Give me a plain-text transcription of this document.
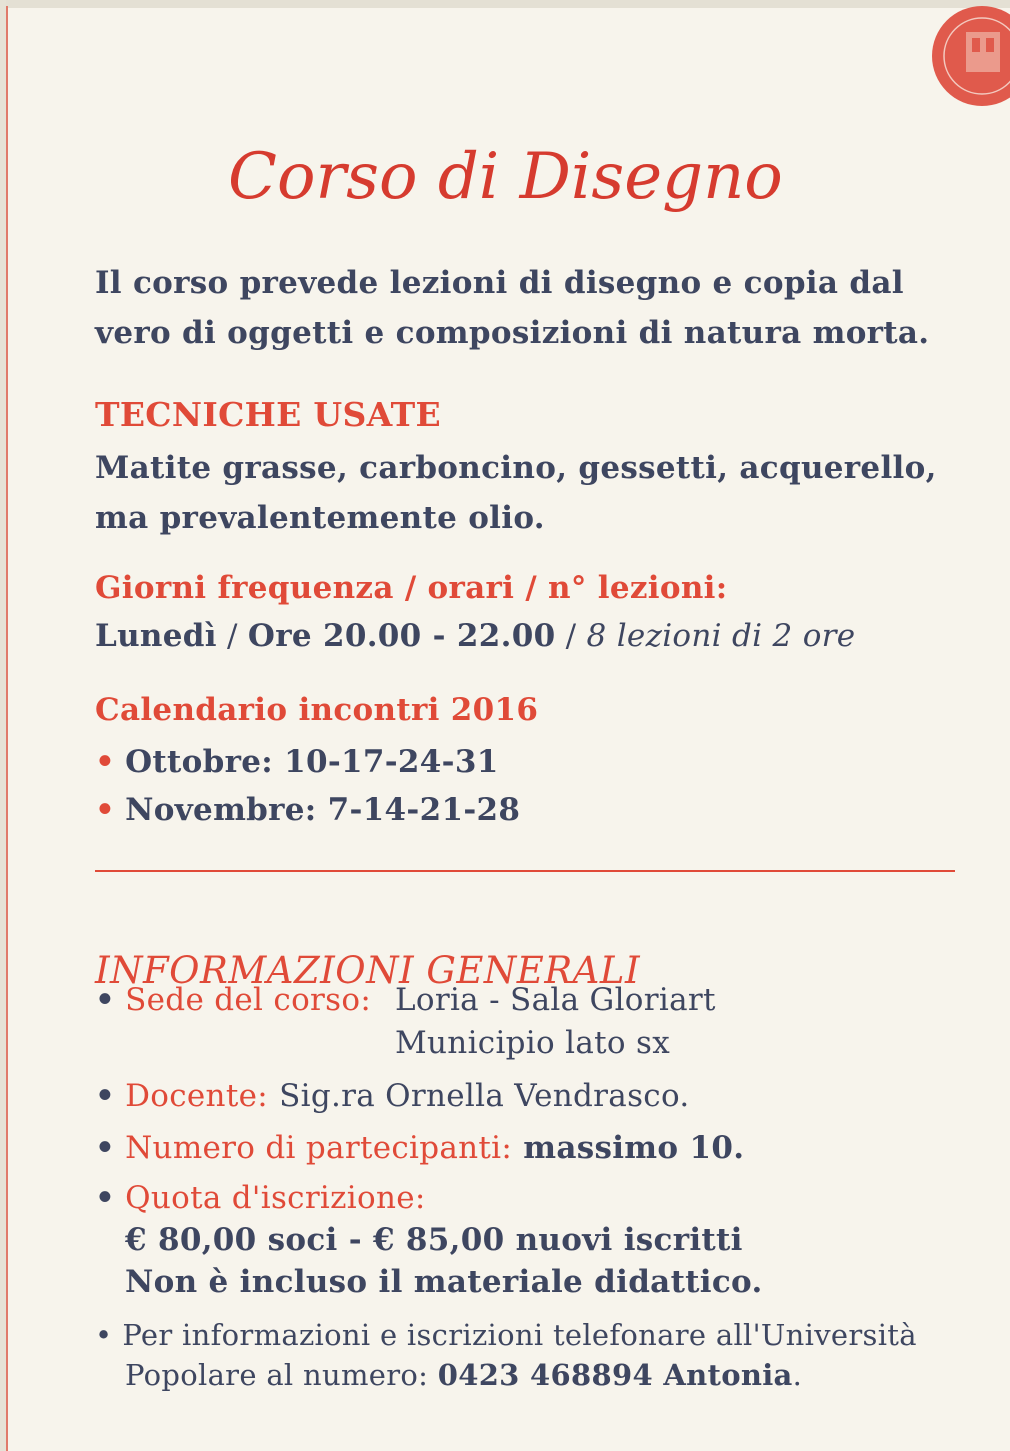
Corso di Disegno

Il corso prevede lezioni di disegno e copia dal

vero di oggetti e composizioni di natura morta.

TECNICHE USATE

Matite grasse, carboncino, gessetti, acquerello,

ma prevalentemente olio.

Giorni frequenza / orari / n° lezioni:

Lunedì / Ore 20.00 - 22.00 / 8 lezioni di 2 ore

Calendario incontri 2016

• Ottobre: 10-17-24-31

• Novembre: 7-14-21-28

INFORMAZIONI GENERALI

• Sede del corso: Loria - Sala Gloriart

Municipio lato sx

• Docente: Sig.ra Ornella Vendrasco.

• Numero di partecipanti: massimo 10.

• Quota d'iscrizione:

€ 80,00 soci - € 85,00 nuovi iscritti

Non è incluso il materiale didattico.

• Per informazioni e iscrizioni telefonare all'Università

Popolare al numero: 0423 468894 Antonia.
